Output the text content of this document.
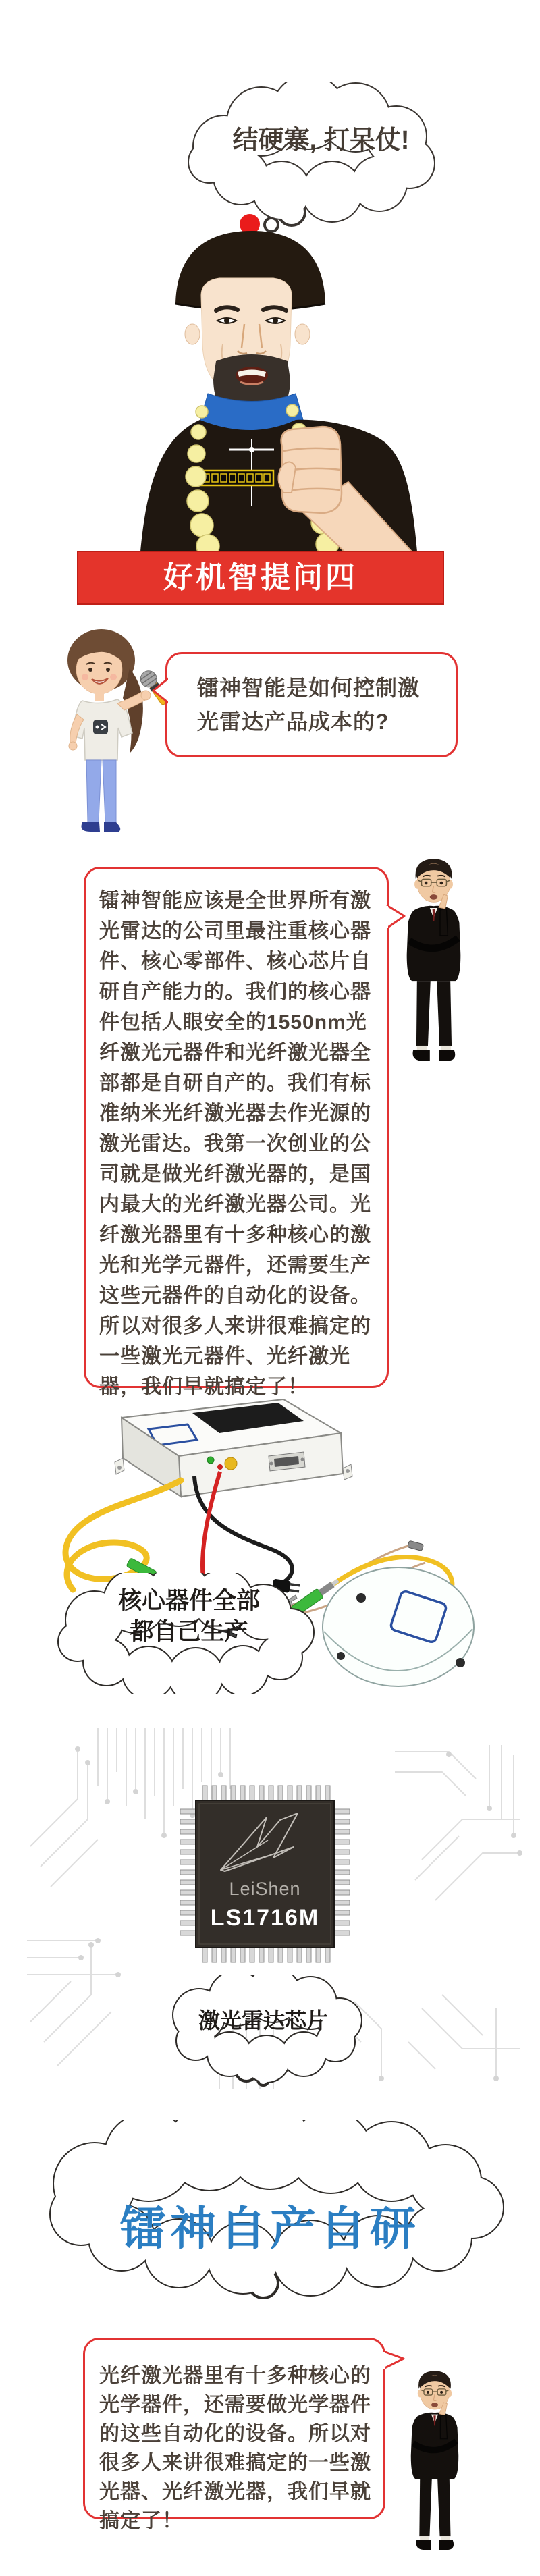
结硬寨, 打呆仗!
好机智提问四
镭神智能是如何控制激光雷达产品成本的?
镭神智能应该是全世界所有激光雷达的公司里最注重核心器件、核心零部件、核心芯片自研自产能力的。我们的核心器件包括人眼安全的1550nm光纤激光元器件和光纤激光器全部都是自研自产的。我们有标准纳米光纤激光器去作光源的激光雷达。我第一次创业的公司就是做光纤激光器的，是国内最大的光纤激光器公司。光纤激光器里有十多种核心的激光和光学元器件，还需要生产这些元器件的自动化的设备。所以对很多人来讲很难搞定的一些激光元器件、光纤激光器，我们早就搞定了！
核心器件全部
都自己生产
LeiShen
LS1716M
激光雷达芯片
镭神自产自研
光纤激光器里有十多种核心的光学器件，还需要做光学器件的这些自动化的设备。所以对很多人来讲很难搞定的一些激光器、光纤激光器，我们早就搞定了！
